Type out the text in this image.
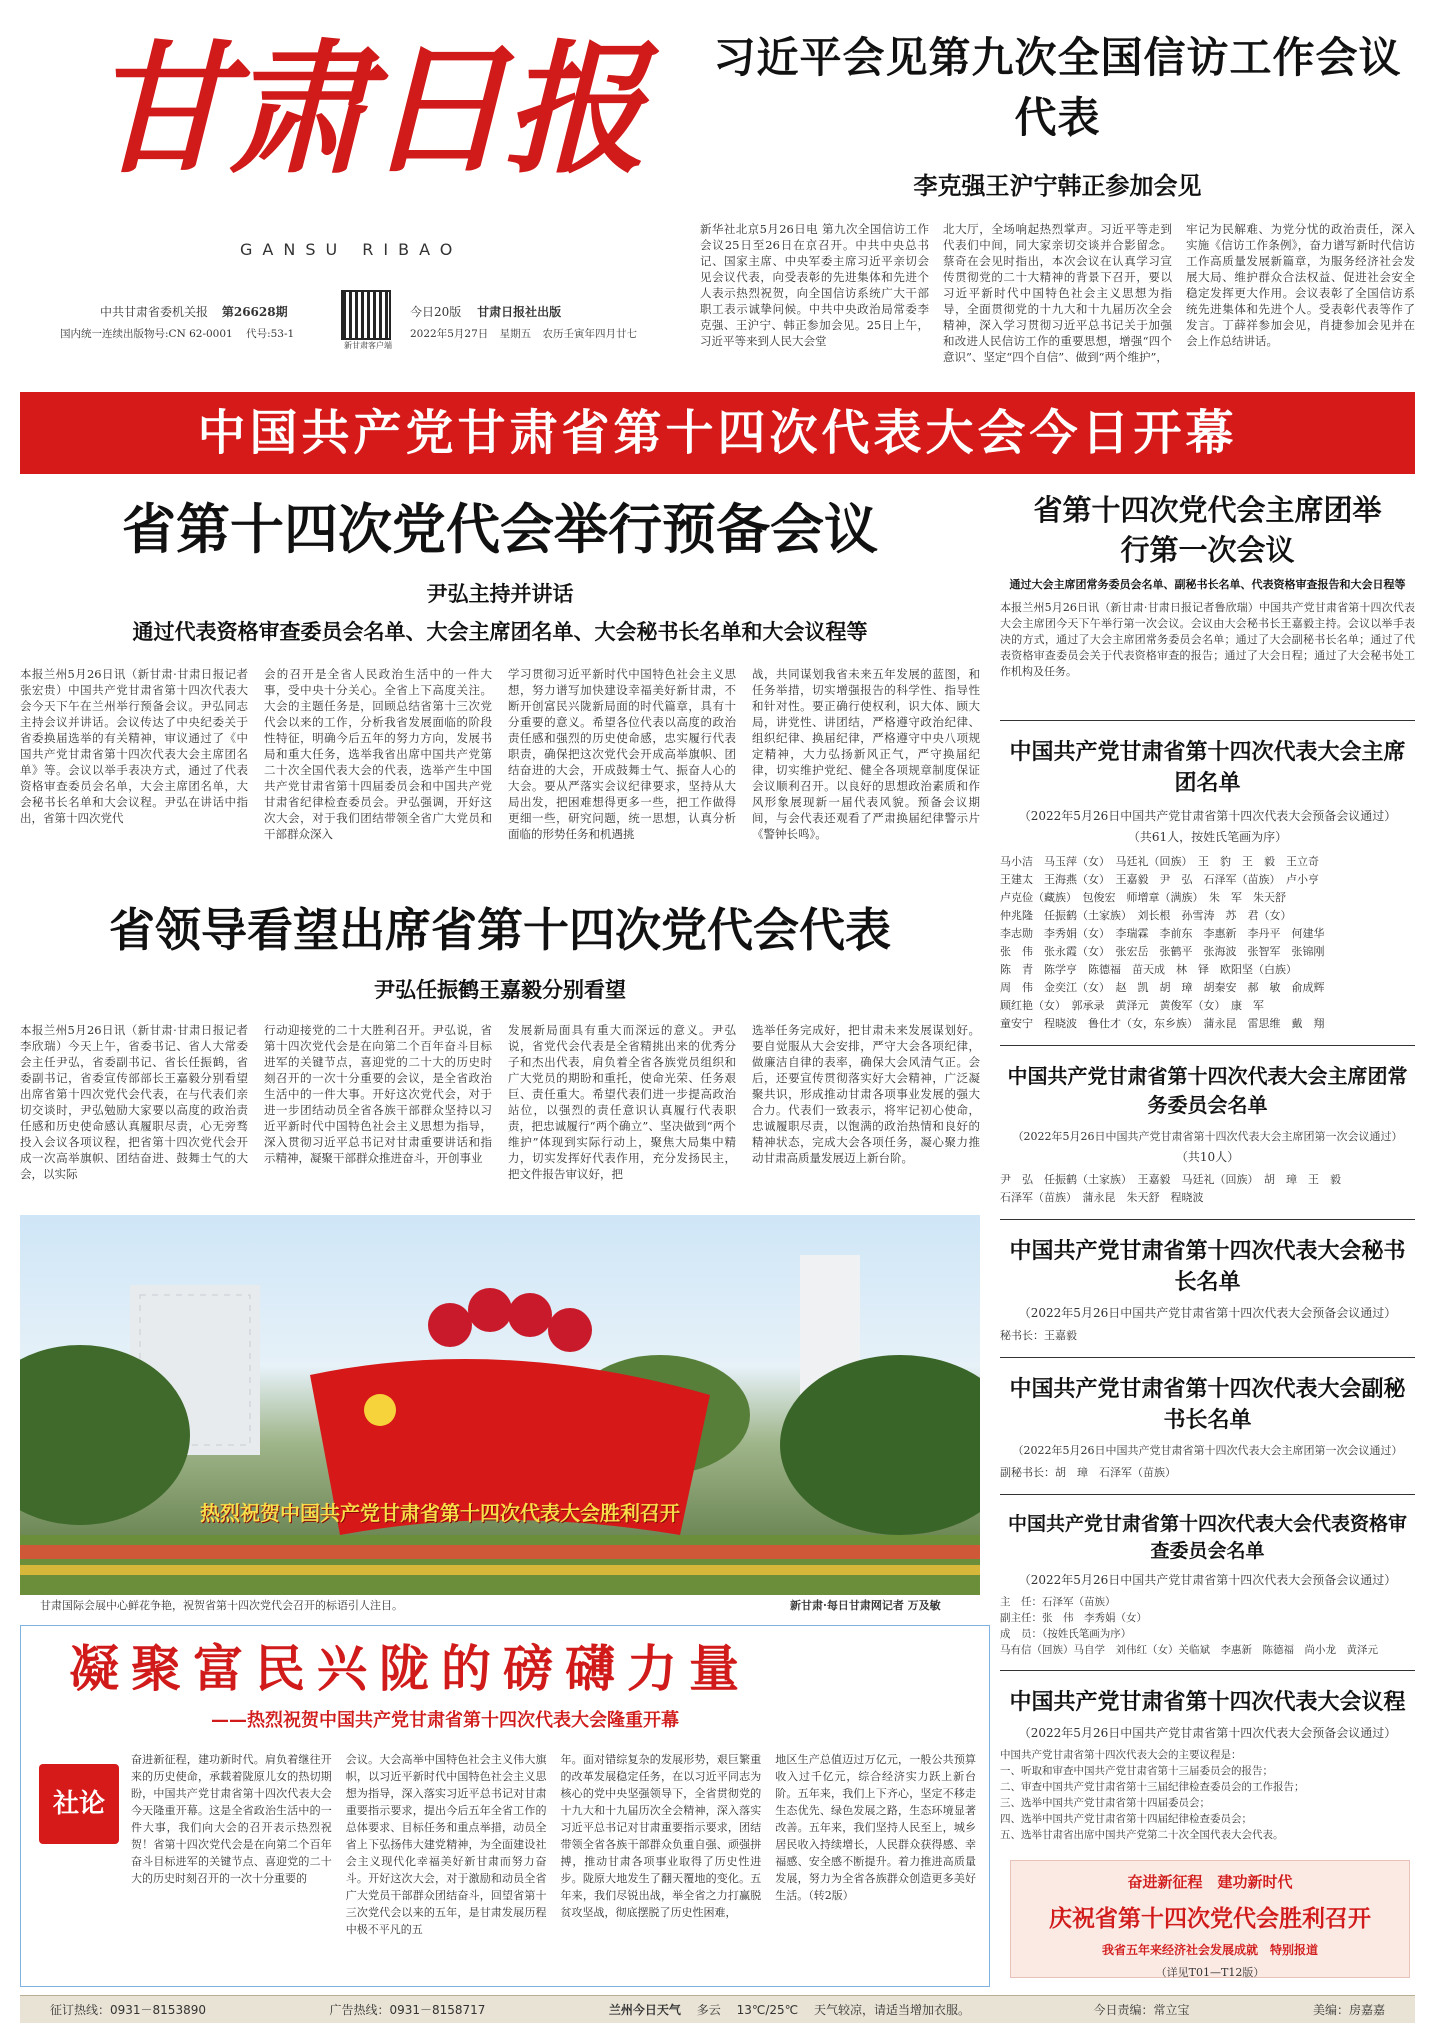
甘肃日报
GANSU RIBAO
中共甘肃省委机关报 第26628期
国内统一连续出版物号:CN 62-0001 代号:53-1
新甘肃客户端
今日20版 甘肃日报社出版
2022年5月27日 星期五 农历壬寅年四月廿七
习近平会见第九次全国信访工作会议代表
李克强王沪宁韩正参加会见

新华社北京5月26日电 第九次全国信访工作会议25日至26日在京召开。中共中央总书记、国家主席、中央军委主席习近平亲切会见会议代表，向受表彰的先进集体和先进个人表示热烈祝贺，向全国信访系统广大干部职工表示诚挚问候。中共中央政治局常委李克强、王沪宁、韩正参加会见。25日上午，习近平等来到人民大会堂

北大厅，全场响起热烈掌声。习近平等走到代表们中间，同大家亲切交谈并合影留念。蔡奇在会见时指出，本次会议在认真学习宣传贯彻党的二十大精神的背景下召开，要以习近平新时代中国特色社会主义思想为指导，全面贯彻党的十九大和十九届历次全会精神，深入学习贯彻习近平总书记关于加强和改进人民信访工作的重要思想，增强“四个意识”、坚定“四个自信”、做到“两个维护”，

牢记为民解难、为党分忧的政治责任，深入实施《信访工作条例》，奋力谱写新时代信访工作高质量发展新篇章，为服务经济社会发展大局、维护群众合法权益、促进社会安全稳定发挥更大作用。会议表彰了全国信访系统先进集体和先进个人。受表彰代表等作了发言。丁薛祥参加会见，肖捷参加会见并在会上作总结讲话。

中国共产党甘肃省第十四次代表大会今日开幕
省第十四次党代会举行预备会议
尹弘主持并讲话
通过代表资格审查委员会名单、大会主席团名单、大会秘书长名单和大会议程等

本报兰州5月26日讯（新甘肃·甘肃日报记者张宏贵）中国共产党甘肃省第十四次代表大会今天下午在兰州举行预备会议。尹弘同志主持会议并讲话。会议传达了中央纪委关于省委换届选举的有关精神，审议通过了《中国共产党甘肃省第十四次代表大会主席团名单》等。会议以举手表决方式，通过了代表资格审查委员会名单，大会主席团名单，大会秘书长名单和大会议程。尹弘在讲话中指出，省第十四次党代

会的召开是全省人民政治生活中的一件大事，受中央十分关心。全省上下高度关注。大会的主题任务是，回顾总结省第十三次党代会以来的工作，分析我省发展面临的阶段性特征，明确今后五年的努力方向，发展书局和重大任务，选举我省出席中国共产党第二十次全国代表大会的代表，选举产生中国共产党甘肃省第十四届委员会和中国共产党甘肃省纪律检查委员会。尹弘强调，开好这次大会，对于我们团结带领全省广大党员和干部群众深入

学习贯彻习近平新时代中国特色社会主义思想，努力谱写加快建设幸福美好新甘肃，不断开创富民兴陇新局面的时代篇章，具有十分重要的意义。希望各位代表以高度的政治责任感和强烈的历史使命感，忠实履行代表职责，确保把这次党代会开成高举旗帜、团结奋进的大会，开成鼓舞士气、振奋人心的大会。要从严落实会议纪律要求，坚持从大局出发，把困难想得更多一些，把工作做得更细一些，研究问题，统一思想，认真分析面临的形势任务和机遇挑

战，共同谋划我省未来五年发展的蓝图，和任务举措，切实增强报告的科学性、指导性和针对性。要正确行使权利，识大体、顾大局，讲党性、讲团结，严格遵守政治纪律、组织纪律、换届纪律，严格遵守中央八项规定精神，大力弘扬新风正气，严守换届纪律，切实维护党纪、健全各项规章制度保证会议顺利召开。以良好的思想政治素质和作风形象展现新一届代表风貌。预备会议期间，与会代表还观看了严肃换届纪律警示片《警钟长鸣》。

省领导看望出席省第十四次党代会代表
尹弘任振鹤王嘉毅分别看望

本报兰州5月26日讯（新甘肃·甘肃日报记者李欣瑞）今天上午，省委书记、省人大常委会主任尹弘，省委副书记、省长任振鹤，省委副书记，省委宣传部部长王嘉毅分别看望出席省第十四次党代会代表，在与代表们亲切交谈时，尹弘勉励大家要以高度的政治责任感和历史使命感认真履职尽责，心无旁骛投入会议各项议程，把省第十四次党代会开成一次高举旗帜、团结奋进、鼓舞士气的大会，以实际

行动迎接党的二十大胜利召开。尹弘说，省第十四次党代会是在向第二个百年奋斗目标进军的关键节点，喜迎党的二十大的历史时刻召开的一次十分重要的会议，是全省政治生活中的一件大事。开好这次党代会，对于进一步团结动员全省各族干部群众坚持以习近平新时代中国特色社会主义思想为指导，深入贯彻习近平总书记对甘肃重要讲话和指示精神，凝聚干部群众推进奋斗，开创事业

发展新局面具有重大而深远的意义。尹弘说，省党代会代表是全省精挑出来的优秀分子和杰出代表，肩负着全省各族党员组织和广大党员的期盼和重托，使命光荣、任务艰巨、责任重大。希望代表们进一步提高政治站位，以强烈的责任意识认真履行代表职责，把忠诚履行“两个确立”、坚决做到“两个维护”体现到实际行动上，聚焦大局集中精力，切实发挥好代表作用，充分发扬民主，把文件报告审议好，把

选举任务完成好，把甘肃未来发展谋划好。要自觉服从大会安排，严守大会各项纪律，做廉洁自律的表率，确保大会风清气正。会后，还要宣传贯彻落实好大会精神，广泛凝聚共识，形成推动甘肃各项事业发展的强大合力。代表们一致表示，将牢记初心使命，忠诚履职尽责，以饱满的政治热情和良好的精神状态，完成大会各项任务，凝心聚力推动甘肃高质量发展迈上新台阶。

热烈祝贺中国共产党甘肃省第十四次代表大会胜利召开
甘肃国际会展中心鲜花争艳，祝贺省第十四次党代会召开的标语引人注目。	新甘肃·每日甘肃网记者 万及敏
凝聚富民兴陇的磅礴力量
——热烈祝贺中国共产党甘肃省第十四次代表大会隆重开幕
社论

奋进新征程，建功新时代。肩负着继往开来的历史使命，承载着陇原儿女的热切期盼，中国共产党甘肃省第十四次代表大会今天隆重开幕。这是全省政治生活中的一件大事，我们向大会的召开表示热烈祝贺！省第十四次党代会是在向第二个百年奋斗目标进军的关键节点、喜迎党的二十大的历史时刻召开的一次十分重要的

会议。大会高举中国特色社会主义伟大旗帜，以习近平新时代中国特色社会主义思想为指导，深入落实习近平总书记对甘肃重要指示要求，提出今后五年全省工作的总体要求、目标任务和重点举措，动员全省上下弘扬伟大建党精神，为全面建设社会主义现代化幸福美好新甘肃而努力奋斗。开好这次大会，对于激励和动员全省广大党员干部群众团结奋斗，回望省第十三次党代会以来的五年，是甘肃发展历程中极不平凡的五

年。面对错综复杂的发展形势，艰巨繁重的改革发展稳定任务，在以习近平同志为核心的党中央坚强领导下，全省贯彻党的十九大和十九届历次全会精神，深入落实习近平总书记对甘肃重要指示要求，团结带领全省各族干部群众负重自强、顽强拼搏，推动甘肃各项事业取得了历史性进步。陇原大地发生了翻天覆地的变化。五年来，我们尽锐出战，举全省之力打赢脱贫攻坚战，彻底摆脱了历史性困难，

地区生产总值迈过万亿元，一般公共预算收入过千亿元，综合经济实力跃上新台阶。五年来，我们上下齐心，坚定不移走生态优先、绿色发展之路，生态环境显著改善。五年来，我们坚持人民至上，城乡居民收入持续增长，人民群众获得感、幸福感、安全感不断提升。着力推进高质量发展，努力为全省各族群众创造更多美好生活。（转2版）

省第十四次党代会主席团举行第一次会议
通过大会主席团常务委员会名单、副秘书长名单、代表资格审查报告和大会日程等

本报兰州5月26日讯（新甘肃·甘肃日报记者鲁欣瑞）中国共产党甘肃省第十四次代表大会主席团今天下午举行第一次会议。会议由大会秘书长王嘉毅主持。会议以举手表决的方式，通过了大会主席团常务委员会名单；通过了大会副秘书长名单；通过了代表资格审查委员会关于代表资格审查的报告；通过了大会日程；通过了大会秘书处工作机构及任务。

中国共产党甘肃省第十四次代表大会主席团名单
（2022年5月26日中国共产党甘肃省第十四次代表大会预备会议通过）
（共61人，按姓氏笔画为序）
马小洁　马玉萍（女）　马廷礼（回族）　王　豹　王　毅　王立奇
王建太　王海燕（女）　王嘉毅　尹　弘　石泽军（苗族）　卢小亨
卢克俭（藏族）　包俊宏　师增章（满族）　朱　军　朱天舒
仲兆隆　任振鹤（土家族）　刘长根　孙雪涛　苏　君（女）
李志勋　李秀娟（女）　李瑞霖　李前东　李惠新　李丹平　何建华
张　伟　张永霞（女）　张宏岳　张鹤平　张海波　张智军　张锦刚
陈　青　陈学亨　陈德福　苗天成　林　铎　欧阳坚（白族）
周　伟　金奕江（女）　赵　凯　胡　璋　胡秦安　郝　敏　俞成辉
顾红艳（女）　郭承录　黄泽元　黄俊军（女）　康　军
童安宁　程晓波　鲁仕才（女，东乡族）　蒲永昆　雷思维　戴　翔
中国共产党甘肃省第十四次代表大会主席团常务委员会名单
（2022年5月26日中国共产党甘肃省第十四次代表大会主席团第一次会议通过）
（共10人）
尹　弘　任振鹤（土家族）　王嘉毅　马廷礼（回族）　胡　璋　王　毅
石泽军（苗族）　蒲永昆　朱天舒　程晓波
中国共产党甘肃省第十四次代表大会秘书长名单
（2022年5月26日中国共产党甘肃省第十四次代表大会预备会议通过）
秘书长：王嘉毅
中国共产党甘肃省第十四次代表大会副秘书长名单
（2022年5月26日中国共产党甘肃省第十四次代表大会主席团第一次会议通过）
副秘书长：胡　璋　石泽军（苗族）
中国共产党甘肃省第十四次代表大会代表资格审查委员会名单
（2022年5月26日中国共产党甘肃省第十四次代表大会预备会议通过）
主　任：石泽军（苗族）
副主任：张　伟　李秀娟（女）
成　员：（按姓氏笔画为序）
马有信（回族）马自学　刘伟红（女）关临斌　李惠新　陈德福　尚小龙　黄泽元
中国共产党甘肃省第十四次代表大会议程
（2022年5月26日中国共产党甘肃省第十四次代表大会预备会议通过）
中国共产党甘肃省第十四次代表大会的主要议程是：
一、听取和审查中国共产党甘肃省第十三届委员会的报告；
二、审查中国共产党甘肃省第十三届纪律检查委员会的工作报告；
三、选举中国共产党甘肃省第十四届委员会；
四、选举中国共产党甘肃省第十四届纪律检查委员会；
五、选举甘肃省出席中国共产党第二十次全国代表大会代表。
奋进新征程　建功新时代
庆祝省第十四次党代会胜利召开
我省五年来经济社会发展成就　特别报道
（详见T01—T12版）
征订热线：0931－8153890	广告热线：0931－8158717	兰州今日天气 多云 13℃/25℃ 天气较凉，请适当增加衣服。	今日责编：常立宝	美编：房嘉嘉
